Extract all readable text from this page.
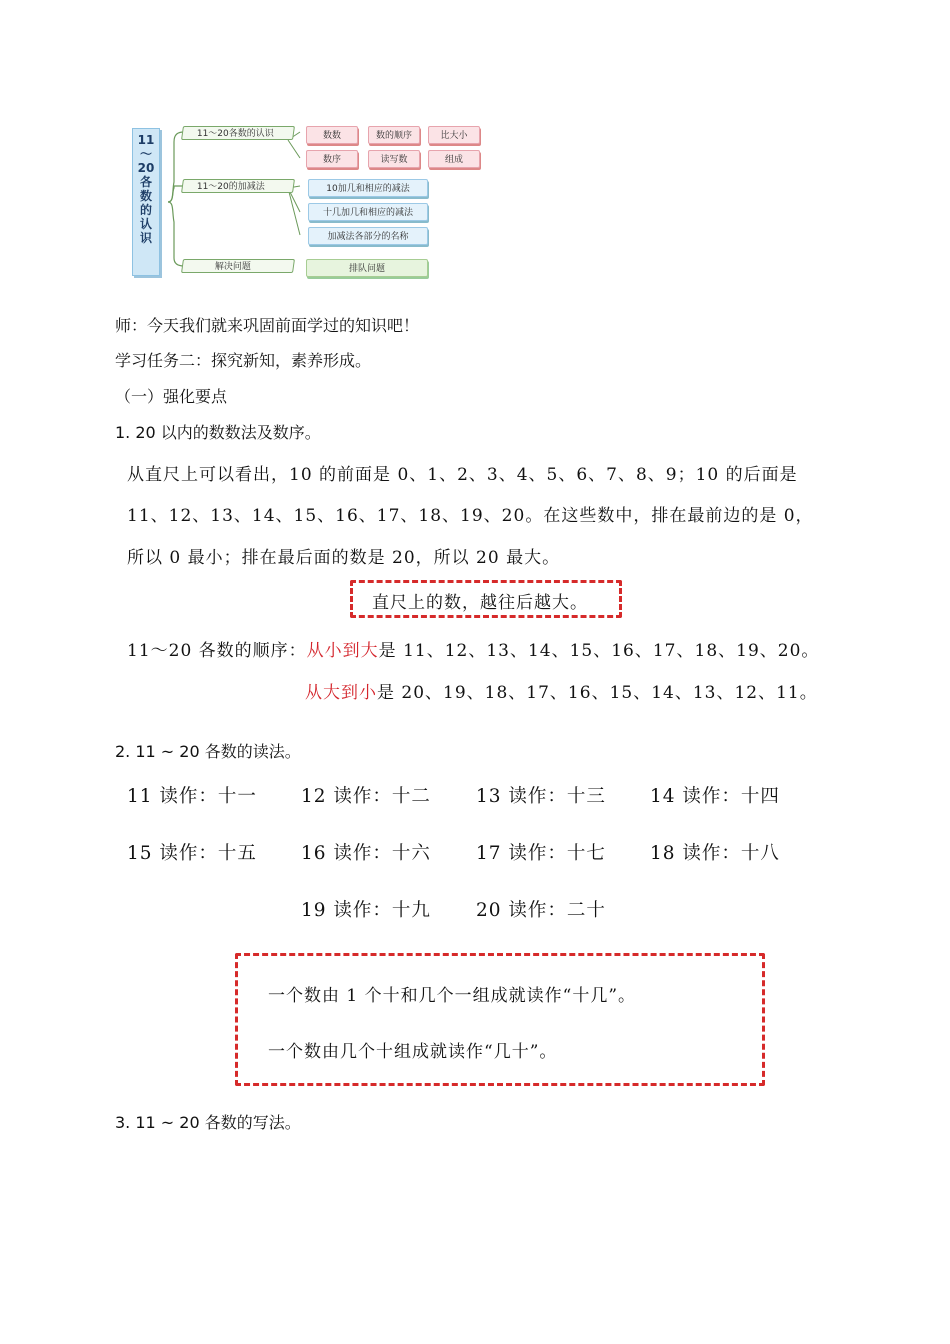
11
～
20
各
数
的
认
识
11～20各数的认识
11～20的加减法
解决问题
数数	数的顺序	比大小
数序	读写数	组成
10加几和相应的减法
十几加几和相应的减法
加减法各部分的名称
排队问题
师：今天我们就来巩固前面学过的知识吧！
学习任务二：探究新知，素养形成。
（一）强化要点
1. 20 以内的数数法及数序。
从直尺上可以看出，10 的前面是 0、1、2、3、4、5、6、7、8、9；10 的后面是
11、12、13、14、15、16、17、18、19、20。在这些数中，排在最前边的是 0，
所以 0 最小；排在最后面的数是 20，所以 20 最大。
直尺上的数，越往后越大。
11～20 各数的顺序：从小到大是 11、12、13、14、15、16、17、18、19、20。
从大到小是 20、19、18、17、16、15、14、13、12、11。
2. 11 ~ 20 各数的读法。
11 读作：十一 12 读作：十二 13 读作：十三 14 读作：十四
15 读作：十五 16 读作：十六 17 读作：十七 18 读作：十八
19 读作：十九 20 读作：二十
一个数由 1 个十和几个一组成就读作“十几”。
一个数由几个十组成就读作“几十”。
3. 11 ~ 20 各数的写法。
